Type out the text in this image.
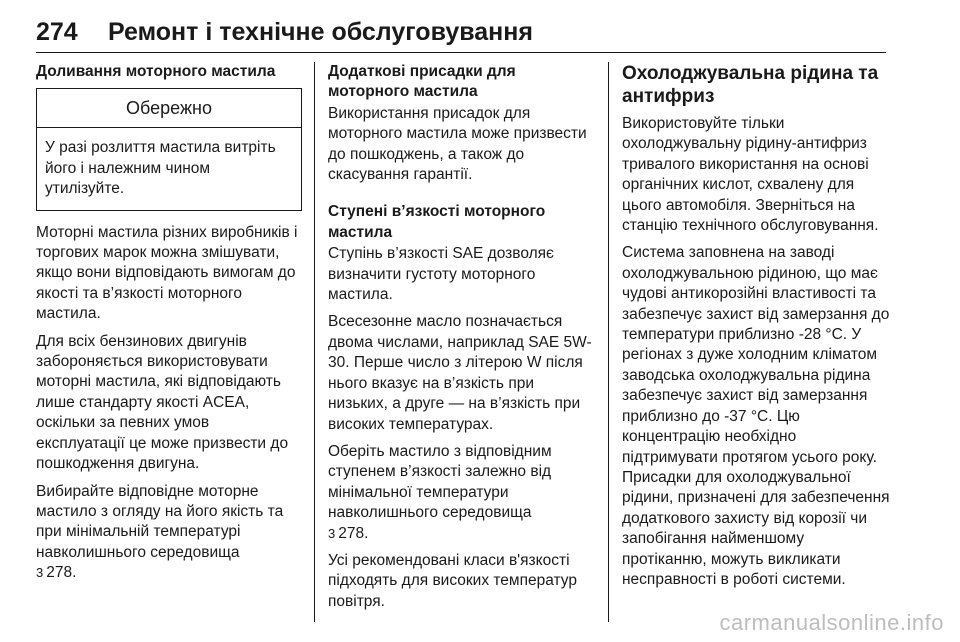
274	Ремонт і технічне обслуговування
Доливання моторного мастила
Обережно
У разі розлиття мастила витріть його і належним чином утилізуйте.

Моторні мастила різних виробників і торгових марок можна змішувати, якщо вони відповідають вимогам до якості та в’язкості моторного мастила.

Для всіх бензинових двигунів забороняється використовувати моторні мастила, які відповідають лише стандарту якості ACEA, оскільки за певних умов експлуатації це може призвести до пошкодження двигуна.

Вибирайте відповідне моторне мастило з огляду на його якість та при мінімальній температурі навколишнього середовища
3 278.

Додаткові присадки для моторного мастила

Використання присадок для моторного мастила може призвести до пошкоджень, а також до скасування гарантії.

Ступені в’язкості моторного мастила

Ступінь в’язкості SAE дозволяє визначити густоту моторного мастила.

Всесезонне масло позначається двома числами, наприклад SAE 5W-30. Перше число з літерою W після нього вказує на в’язкість при низьких, а друге — на в’язкість при високих температурах.

Оберіть мастило з відповідним ступенем в’язкості залежно від мінімальної температури навколишнього середовища
3 278.

Усі рекомендовані класи в'язкості підходять для високих температур повітря.

Охолоджувальна рідина та антифриз

Використовуйте тільки охолоджувальну рідину-антифриз тривалого використання на основі органічних кислот, схвалену для цього автомобіля. Зверніться на станцію технічного обслуговування.

Система заповнена на заводі охолоджувальною рідиною, що має чудові антикорозійні властивості та забезпечує захист від замерзання до температури приблизно -28 °C. У регіонах з дуже холодним кліматом заводська охолоджувальна рідина забезпечує захист від замерзання приблизно до -37 °C. Цю концентрацію необхідно підтримувати протягом усього року. Присадки для охолоджувальної рідини, призначені для забезпечення додаткового захисту від корозії чи запобігання найменшому протіканню, можуть викликати несправності в роботі системи.

carmanualsonline.info
